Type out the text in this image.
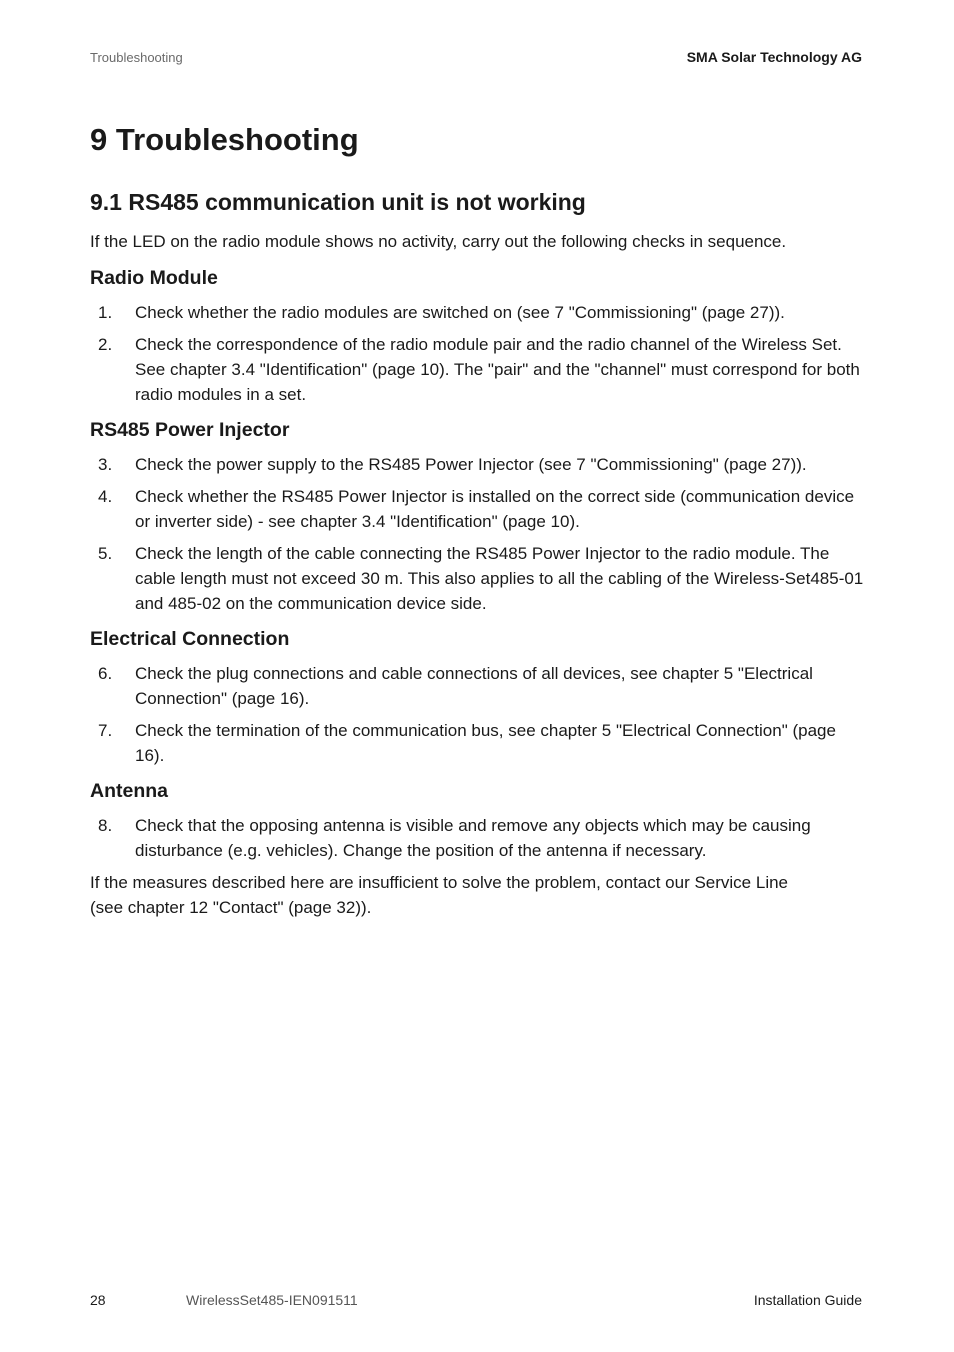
Troubleshooting	SMA Solar Technology AG
9 Troubleshooting
9.1 RS485 communication unit is not working

If the LED on the radio module shows no activity, carry out the following checks in sequence.

Radio Module
1. Check whether the radio modules are switched on (see 7 "Commissioning" (page 27)).
2. Check the correspondence of the radio module pair and the radio channel of the Wireless Set. See chapter 3.4 "Identification" (page 10). The "pair" and the "channel" must correspond for both radio modules in a set.
RS485 Power Injector
3. Check the power supply to the RS485 Power Injector (see 7 "Commissioning" (page 27)).
4. Check whether the RS485 Power Injector is installed on the correct side (communication device or inverter side) - see chapter 3.4 "Identification" (page 10).
5. Check the length of the cable connecting the RS485 Power Injector to the radio module. The cable length must not exceed 30 m. This also applies to all the cabling of the Wireless-Set485-01 and 485-02 on the communication device side.
Electrical Connection
6. Check the plug connections and cable connections of all devices, see chapter 5 "Electrical Connection" (page 16).
7. Check the termination of the communication bus, see chapter 5 "Electrical Connection" (page 16).
Antenna
8. Check that the opposing antenna is visible and remove any objects which may be causing disturbance (e.g. vehicles). Change the position of the antenna if necessary.

If the measures described here are insufficient to solve the problem, contact our Service Line (see chapter 12 "Contact" (page 32)).

28	WirelessSet485-IEN091511	Installation Guide
